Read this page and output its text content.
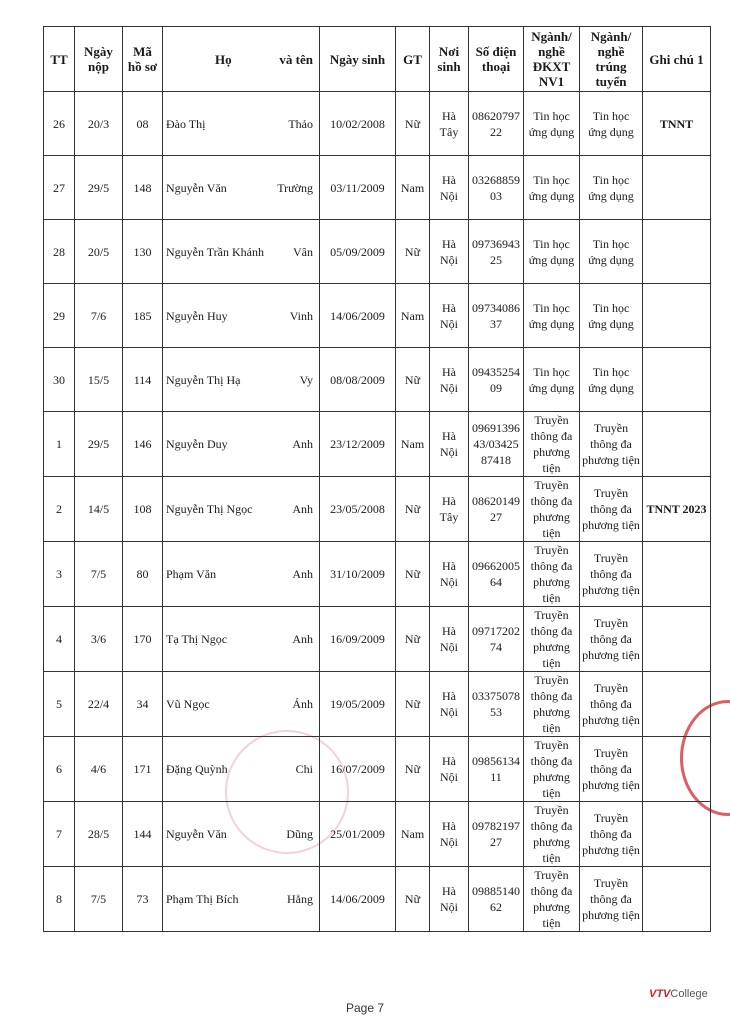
TT	Ngày nộp	Mã hồ sơ	Họ và tên	Ngày sinh	GT	Nơi sinh	Số điện thoại	Ngành/ nghề ĐKXT NV1	Ngành/ nghề trúng tuyển	Ghi chú 1
26	20/3	08	Đào Thị Thảo	10/02/2008	Nữ	Hà Tây	0862079722	Tin học ứng dụng	Tin học ứng dụng	TNNT
27	29/5	148	Nguyễn Văn Trường	03/11/2009	Nam	Hà Nội	0326885903	Tin học ứng dụng	Tin học ứng dụng	
28	20/5	130	Nguyễn Trần Khánh Vân	05/09/2009	Nữ	Hà Nội	0973694325	Tin học ứng dụng	Tin học ứng dụng	
29	7/6	185	Nguyễn Huy Vinh	14/06/2009	Nam	Hà Nội	0973408637	Tin học ứng dụng	Tin học ứng dụng	
30	15/5	114	Nguyễn Thị Hạ Vy	08/08/2009	Nữ	Hà Nội	0943525409	Tin học ứng dụng	Tin học ứng dụng	
1	29/5	146	Nguyễn Duy Anh	23/12/2009	Nam	Hà Nội	0969139643/0342587418	Truyền thông đa phương tiện	Truyền thông đa phương tiện	
2	14/5	108	Nguyễn Thị Ngọc Anh	23/05/2008	Nữ	Hà Tây	0862014927	Truyền thông đa phương tiện	Truyền thông đa phương tiện	TNNT 2023
3	7/5	80	Phạm Văn Anh	31/10/2009	Nữ	Hà Nội	0966200564	Truyền thông đa phương tiện	Truyền thông đa phương tiện	
4	3/6	170	Tạ Thị Ngọc Anh	16/09/2009	Nữ	Hà Nội	0971720274	Truyền thông đa phương tiện	Truyền thông đa phương tiện	
5	22/4	34	Vũ Ngọc Ánh	19/05/2009	Nữ	Hà Nội	0337507853	Truyền thông đa phương tiện	Truyền thông đa phương tiện	
6	4/6	171	Đặng Quỳnh Chi	16/07/2009	Nữ	Hà Nội	0985613411	Truyền thông đa phương tiện	Truyền thông đa phương tiện	
7	28/5	144	Nguyễn Văn Dũng	25/01/2009	Nam	Hà Nội	0978219727	Truyền thông đa phương tiện	Truyền thông đa phương tiện	
8	7/5	73	Phạm Thị Bích Hằng	14/06/2009	Nữ	Hà Nội	0988514062	Truyền thông đa phương tiện	Truyền thông đa phương tiện	
Page 7
VTVCollege
